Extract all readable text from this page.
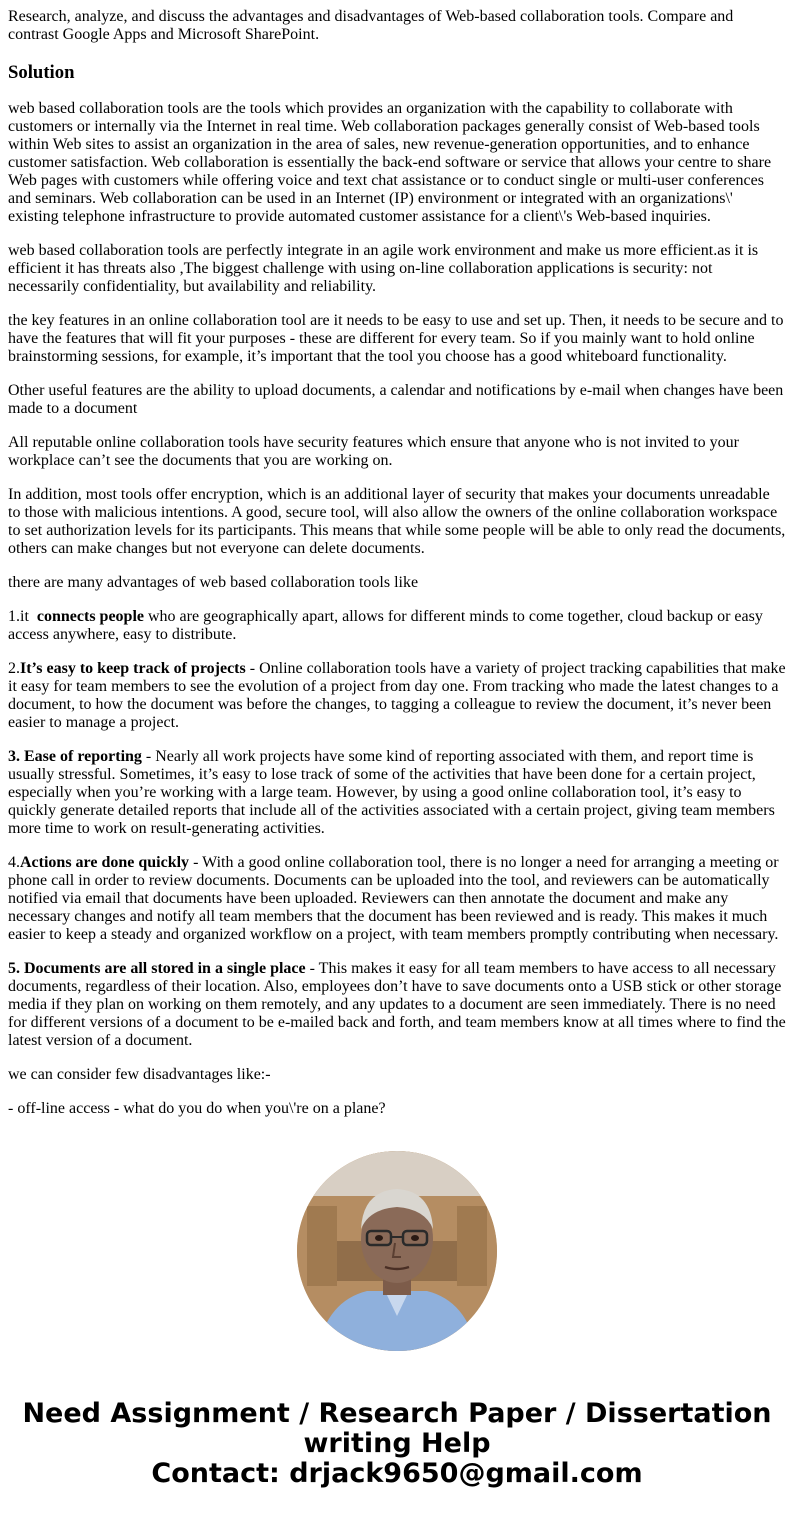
Research, analyze, and discuss the advantages and disadvantages of Web-based collaboration tools. Compare and contrast Google Apps and Microsoft SharePoint.

Solution

web based collaboration tools are the tools which provides an organization with the capability to collaborate with customers or internally via the Internet in real time. Web collaboration packages generally consist of Web-based tools within Web sites to assist an organization in the area of sales, new revenue-generation opportunities, and to enhance customer satisfaction. Web collaboration is essentially the back-end software or service that allows your centre to share Web pages with customers while offering voice and text chat assistance or to conduct single or multi-user conferences and seminars. Web collaboration can be used in an Internet (IP) environment or integrated with an organizations\' existing telephone infrastructure to provide automated customer assistance for a client\'s Web-based inquiries.

web based collaboration tools are perfectly integrate in an agile work environment and make us more efficient.as it is efficient it has threats also ,The biggest challenge with using on-line collaboration applications is security: not necessarily confidentiality, but availability and reliability.

the key features in an online collaboration tool are it needs to be easy to use and set up. Then, it needs to be secure and to have the features that will fit your purposes - these are different for every team. So if you mainly want to hold online brainstorming sessions, for example, it’s important that the tool you choose has a good whiteboard functionality.

Other useful features are the ability to upload documents, a calendar and notifications by e-mail when changes have been made to a document

All reputable online collaboration tools have security features which ensure that anyone who is not invited to your workplace can’t see the documents that you are working on.

In addition, most tools offer encryption, which is an additional layer of security that makes your documents unreadable to those with malicious intentions. A good, secure tool, will also allow the owners of the online collaboration workspace to set authorization levels for its participants. This means that while some people will be able to only read the documents, others can make changes but not everyone can delete documents.

there are many advantages of web based collaboration tools like

1.it  connects people who are geographically apart, allows for different minds to come together, cloud backup or easy access anywhere, easy to distribute.

2.It’s easy to keep track of projects - Online collaboration tools have a variety of project tracking capabilities that make it easy for team members to see the evolution of a project from day one. From tracking who made the latest changes to a document, to how the document was before the changes, to tagging a colleague to review the document, it’s never been easier to manage a project.

3. Ease of reporting - Nearly all work projects have some kind of reporting associated with them, and report time is usually stressful. Sometimes, it’s easy to lose track of some of the activities that have been done for a certain project, especially when you’re working with a large team. However, by using a good online collaboration tool, it’s easy to quickly generate detailed reports that include all of the activities associated with a certain project, giving team members more time to work on result-generating activities.

4.Actions are done quickly - With a good online collaboration tool, there is no longer a need for arranging a meeting or phone call in order to review documents. Documents can be uploaded into the tool, and reviewers can be automatically notified via email that documents have been uploaded. Reviewers can then annotate the document and make any necessary changes and notify all team members that the document has been reviewed and is ready. This makes it much easier to keep a steady and organized workflow on a project, with team members promptly contributing when necessary.

5. Documents are all stored in a single place - This makes it easy for all team members to have access to all necessary documents, regardless of their location. Also, employees don’t have to save documents onto a USB stick or other storage media if they plan on working on them remotely, and any updates to a document are seen immediately. There is no need for different versions of a document to be e-mailed back and forth, and team members know at all times where to find the latest version of a document.

we can consider few disadvantages like:-

- off-line access - what do you do when you\'re on a plane?

Need Assignment / Research Paper / Dissertation writing Help
Contact: drjack9650@gmail.com
